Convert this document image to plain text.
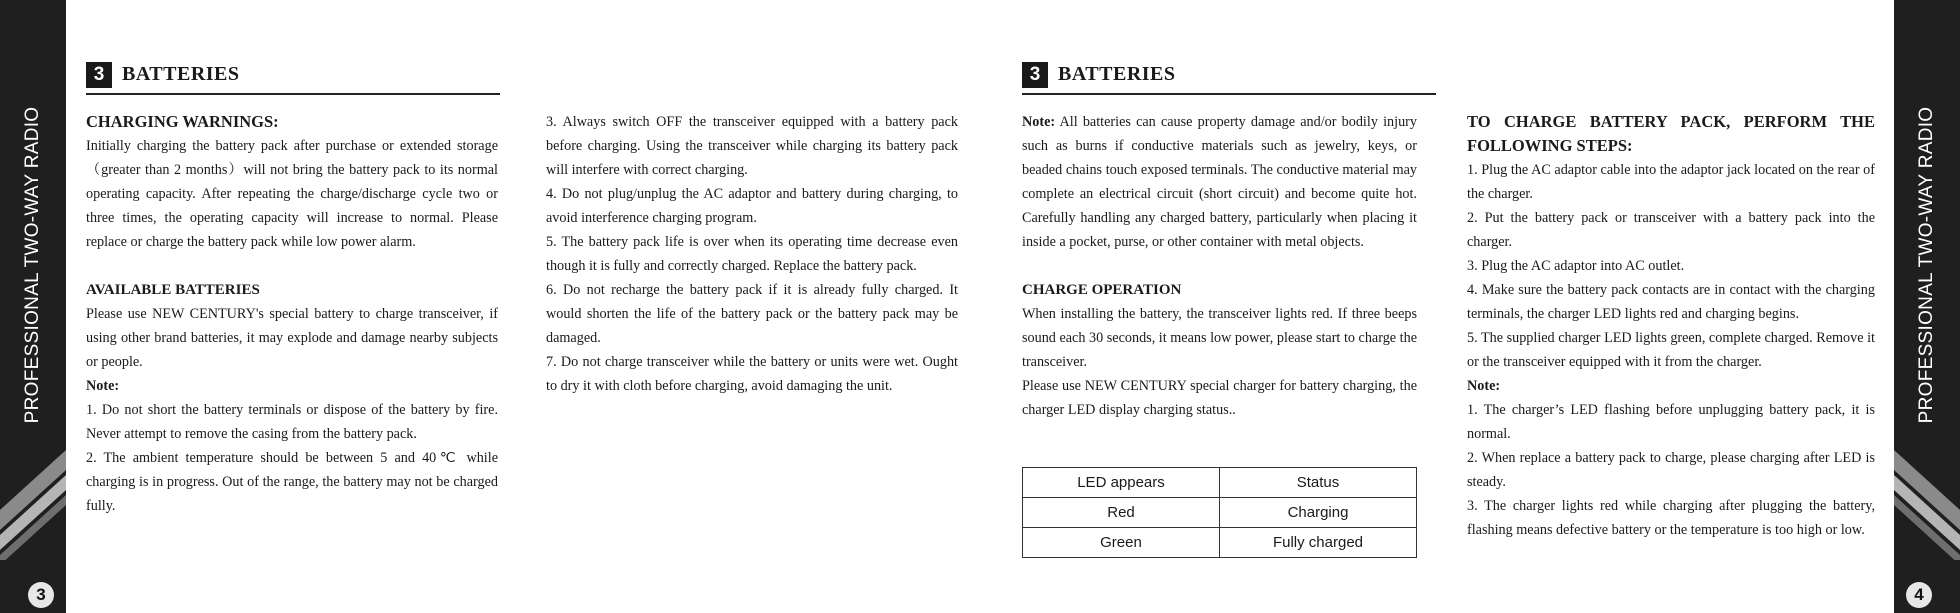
PROFESSIONAL TWO-WAY RADIO
3
PROFESSIONAL TWO-WAY RADIO
4
3 BATTERIES

CHARGING WARNINGS:

Initially charging the battery pack after purchase or extended storage（greater than 2 months）will not bring the battery pack to its normal operating capacity. After repeating the charge/discharge cycle two or three times, the operating capacity will increase to normal. Please replace or charge the battery pack while low power alarm.

AVAILABLE BATTERIES

Please use NEW CENTURY's special battery to charge transceiver, if using other brand batteries, it may explode and damage nearby subjects or people.

Note:

1. Do not short the battery terminals or dispose of the battery by fire. Never attempt to remove the casing from the battery pack.

2. The ambient temperature should be between 5 and 40℃ while charging is in progress. Out of the range, the battery may not be charged fully.

3. Always switch OFF the transceiver equipped with a battery pack before charging. Using the transceiver while charging its battery pack will interfere with correct charging.

4. Do not plug/unplug the AC adaptor and battery during charging, to avoid interference charging program.

5. The battery pack life is over when its operating time decrease even though it is fully and correctly charged. Replace the battery pack.

6. Do not recharge the battery pack if it is already fully charged. It would shorten the life of the battery pack or the battery pack may be damaged.

7. Do not charge transceiver while the battery or units were wet. Ought to dry it with cloth before charging, avoid damaging the unit.

3 BATTERIES

Note: All batteries can cause property damage and/or bodily injury such as burns if conductive materials such as jewelry, keys, or beaded chains touch exposed terminals. The conductive material may complete an electrical circuit (short circuit) and become quite hot. Carefully handling any charged battery, particularly when placing it inside a pocket, purse, or other container with metal objects.

CHARGE OPERATION

When installing the battery, the transceiver lights red. If three beeps sound each 30 seconds, it means low power, please start to charge the transceiver.

Please use NEW CENTURY special charger for battery charging, the charger LED display charging status..

LED appears	Status
Red	Charging
Green	Fully charged

TO CHARGE BATTERY PACK, PERFORM THE FOLLOWING STEPS:

1. Plug the AC adaptor cable into the adaptor jack located on the rear of the charger.

2. Put the battery pack or transceiver with a battery pack into the charger.

3. Plug the AC adaptor into AC outlet.

4. Make sure the battery pack contacts are in contact with the charging terminals, the charger LED lights red and charging begins.

5. The supplied charger LED lights green, complete charged. Remove it or the transceiver equipped with it from the charger.

Note:

1. The charger’s LED flashing before unplugging battery pack, it is normal.

2. When replace a battery pack to charge, please charging after LED is steady.

3. The charger lights red while charging after plugging the battery, flashing means defective battery or the temperature is too high or low.
